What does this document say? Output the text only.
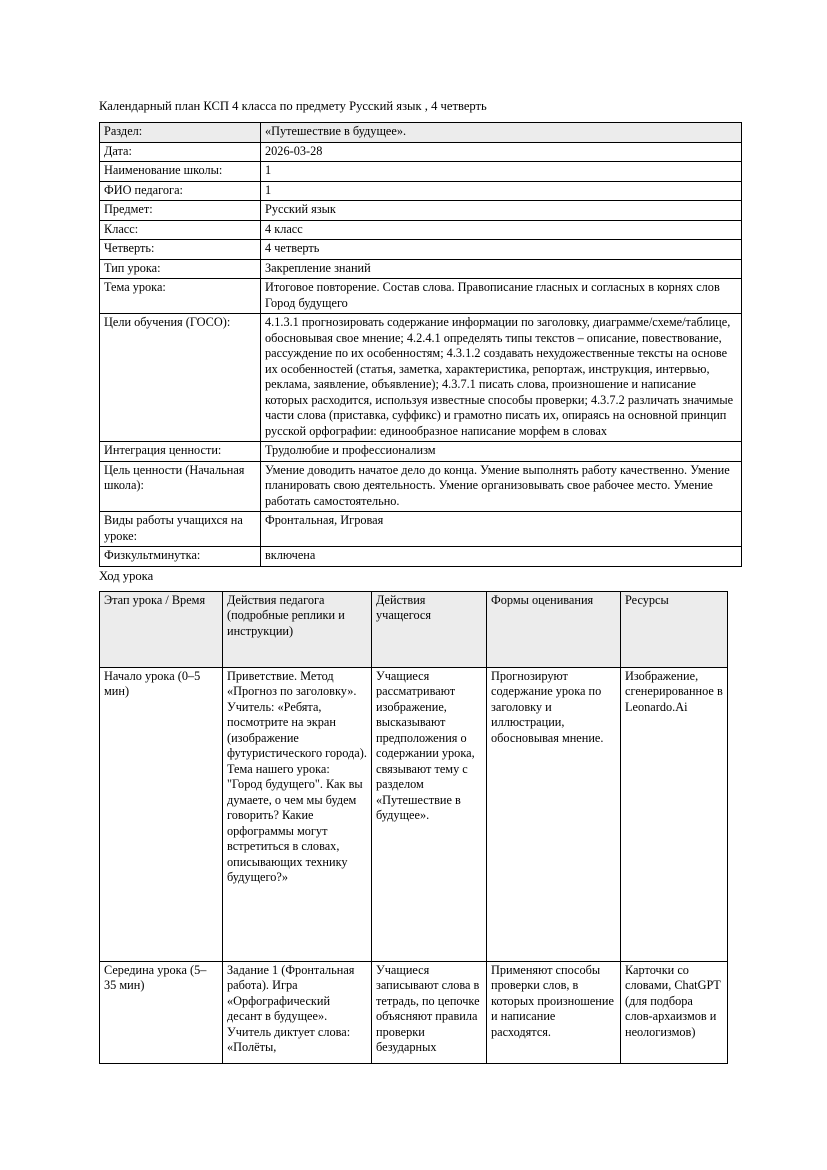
Календарный план КСП 4 класса по предмету Русский язык , 4 четверть
Раздел:	«Путешествие в будущее».
Дата:	2026-03-28
Наименование школы:	1
ФИО педагога:	1
Предмет:	Русский язык
Класс:	4 класс
Четверть:	4 четверть
Тип урока:	Закрепление знаний
Тема урока:	Итоговое повторение. Состав слова. Правописание гласных и согласных в корнях слов Город будущего
Цели обучения (ГОСО):	4.1.3.1 прогнозировать содержание информации по заголовку, диаграмме/схеме/таблице, обосновывая свое мнение; 4.2.4.1 определять типы текстов – описание, повествование, рассуждение по их особенностям; 4.3.1.2 создавать нехудожественные тексты на основе их особенностей (статья, заметка, характеристика, репортаж, инструкция, интервью, реклама, заявление, объявление); 4.3.7.1 писать слова, произношение и написание которых расходится, используя известные способы проверки; 4.3.7.2 различать значимые части слова (приставка, суффикс) и грамотно писать их, опираясь на основной принцип русской орфографии: единообразное написание морфем в словах
Интеграция ценности:	Трудолюбие и профессионализм
Цель ценности (Начальная школа):	Умение доводить начатое дело до конца. Умение выполнять работу качественно. Умение планировать свою деятельность. Умение организовывать свое рабочее место. Умение работать самостоятельно.
Виды работы учащихся на уроке:	Фронтальная, Игровая
Физкультминутка:	включена
Ход урока
Этап урока / Время	Действия педагога (подробные реплики и инструкции)	Действия учащегося	Формы оценивания	Ресурсы
Начало урока (0–5 мин)	Приветствие. Метод «Прогноз по заголовку». Учитель: «Ребята, посмотрите на экран (изображение футуристического города). Тема нашего урока: "Город будущего". Как вы думаете, о чем мы будем говорить? Какие орфограммы могут встретиться в словах, описывающих технику будущего?»	Учащиеся рассматривают изображение, высказывают предположения о содержании урока, связывают тему с разделом «Путешествие в будущее».	Прогнозируют содержание урока по заголовку и иллюстрации, обосновывая мнение.	Изображение, сгенерированное в Leonardo.Ai
Середина урока (5–35 мин)	Задание 1 (Фронтальная работа). Игра «Орфографический десант в будущее». Учитель диктует слова: «Полёты,	Учащиеся записывают слова в тетрадь, по цепочке объясняют правила проверки безударных	Применяют способы проверки слов, в которых произношение и написание расходятся.	Карточки со словами, ChatGPT (для подбора слов-архаизмов и неологизмов)
